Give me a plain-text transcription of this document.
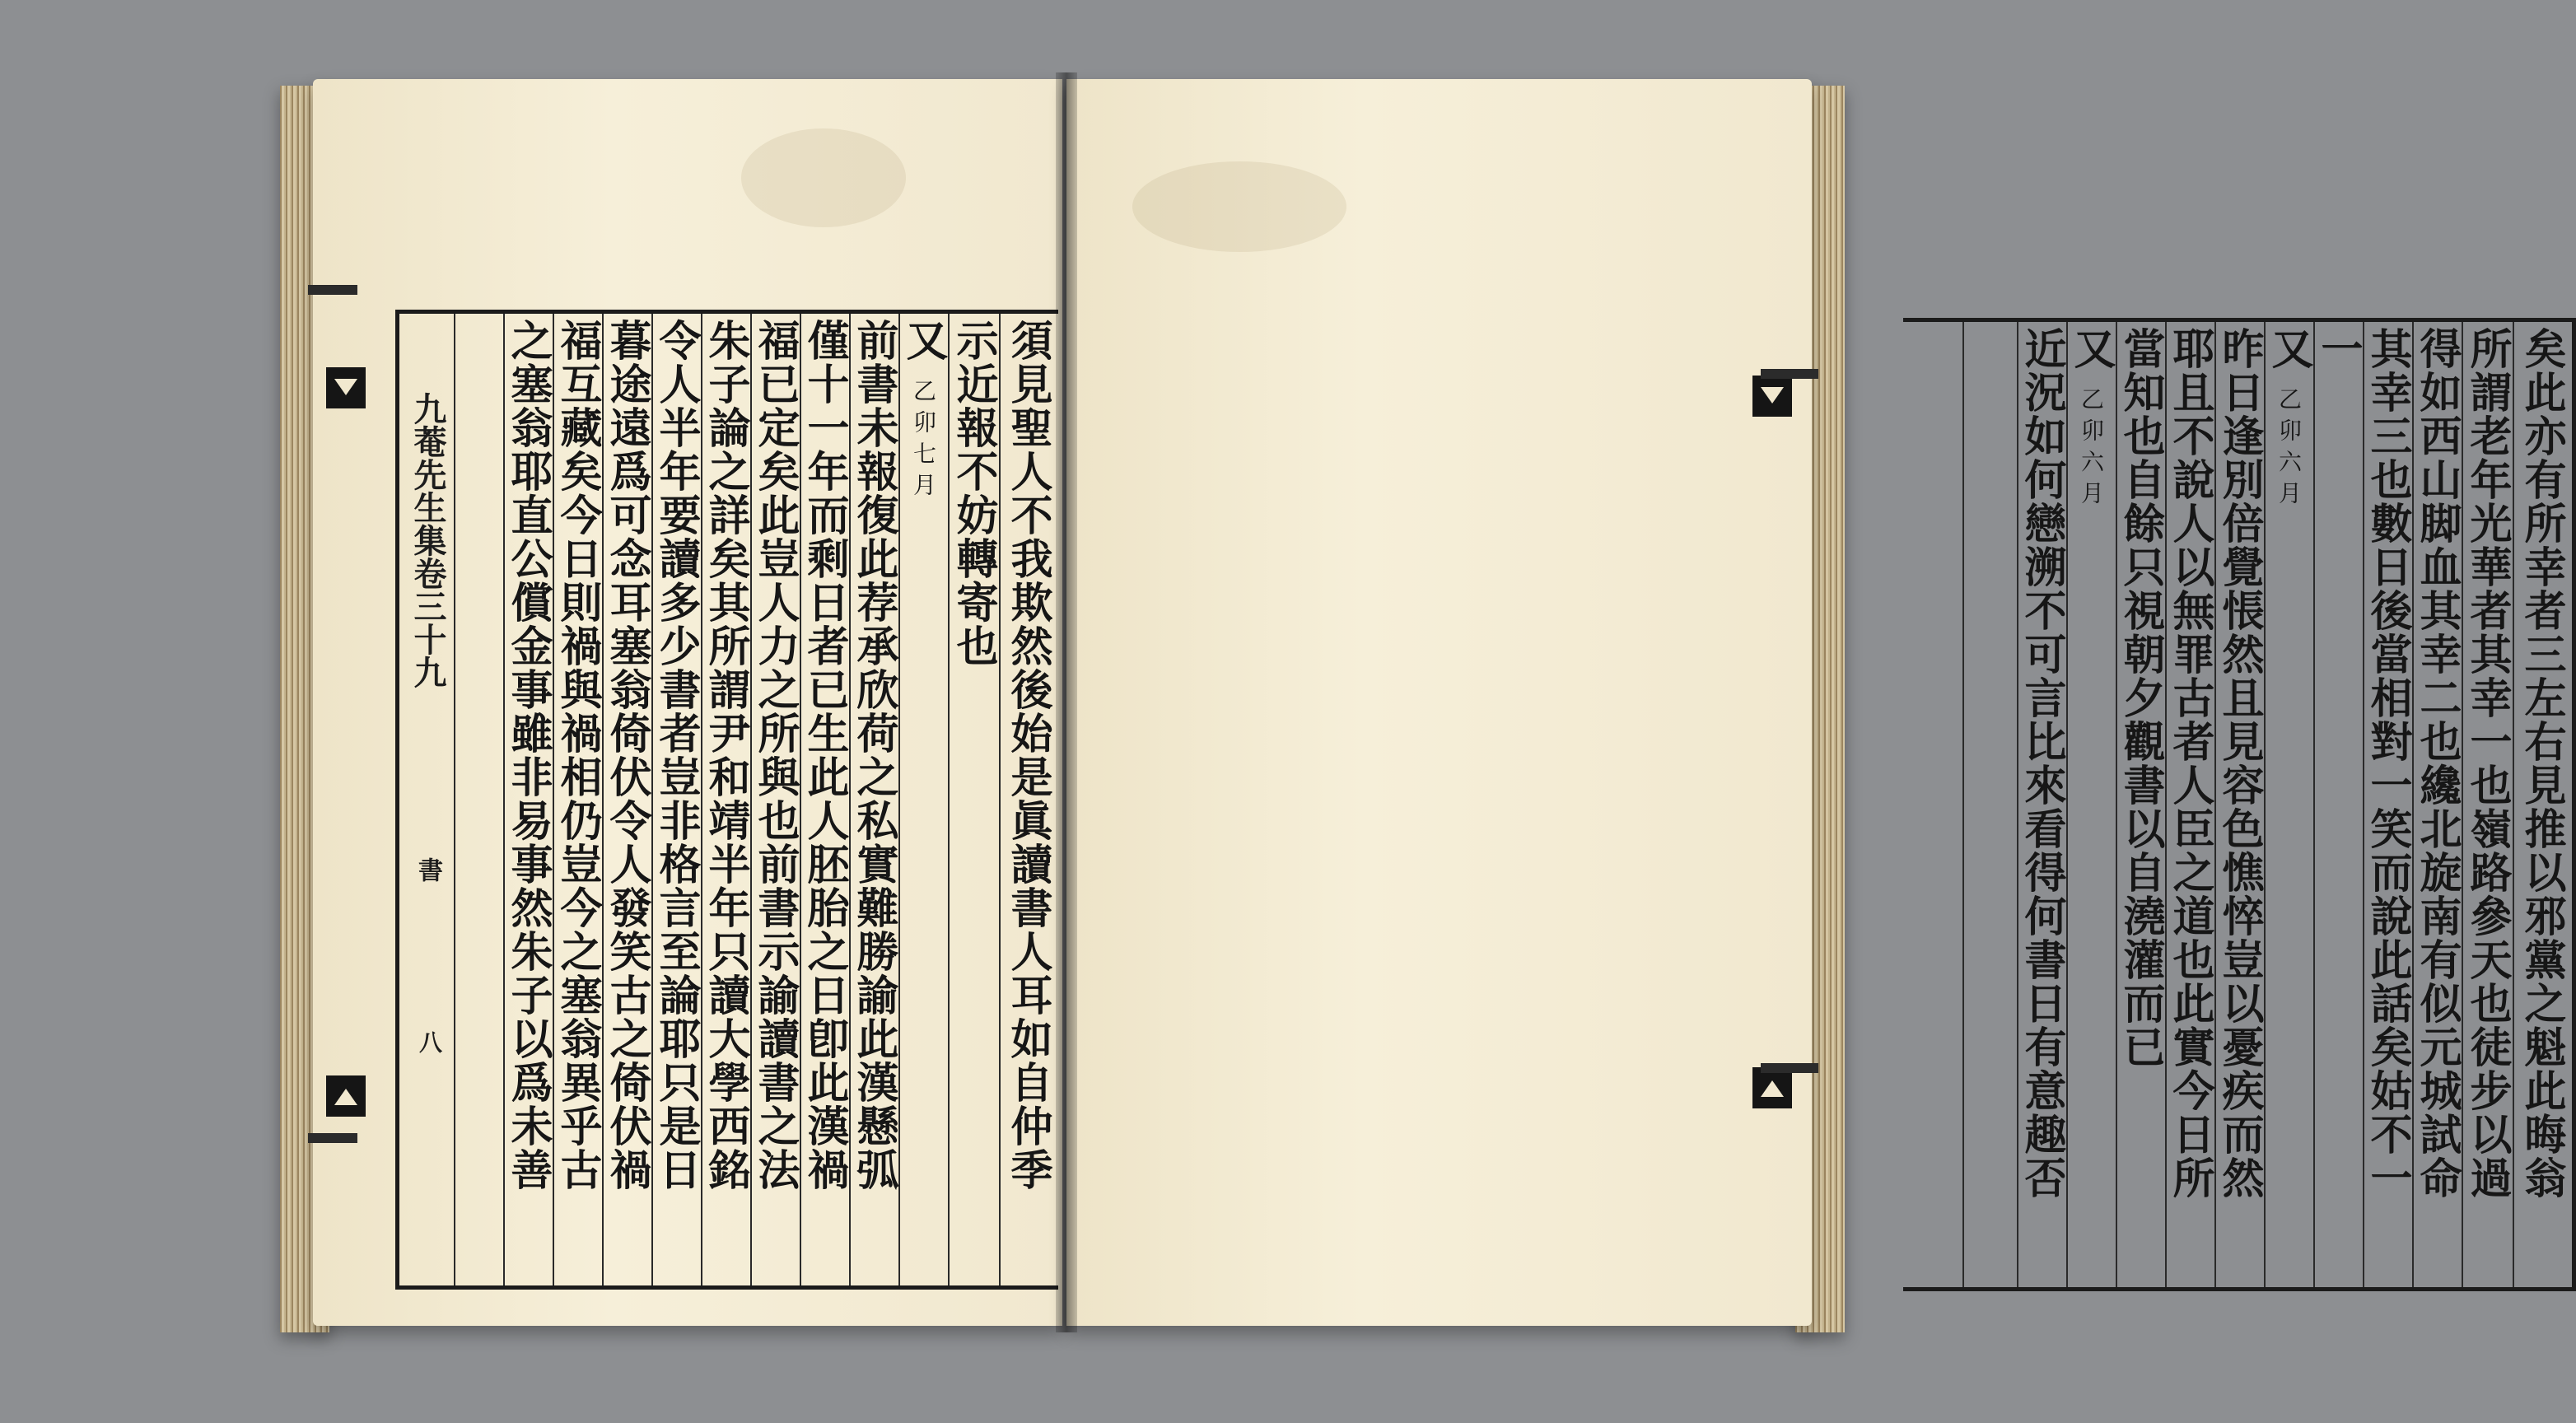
須見聖人不我欺然後始是眞讀書人耳如自仲季
示近報不妨轉寄也
又 乙卯七月
前書未報復此荐承欣荷之私實難勝諭此漢懸弧
僅十一年而剩日者已生此人胚胎之日卽此漢禍
福已定矣此豈人力之所與也前書示諭讀書之法
朱子論之詳矣其所謂尹和靖半年只讀大學西銘
令人半年要讀多少書者豈非格言至論耶只是日
暮途遠爲可念耳塞翁倚伏令人發笑古之倚伏禍
福互藏矣今日則禍與禍相仍豈今之塞翁異乎古
之塞翁耶直公償金事雖非易事然朱子以爲未善
九菴先生集卷三十九
書
八	矣此亦有所幸者三左右見推以邪黨之魁此晦翁
所謂老年光華者其幸一也嶺路參天也徒步以過
得如西山脚血其幸二也纔北旋南有似元城試命
其幸三也數日後當相對一笑而說此話矣姑不一
一
又 乙卯六月
昨日逢別倍覺悵然且見容色憔悴豈以憂疾而然
耶且不說人以無罪古者人臣之道也此實今日所
當知也自餘只視朝夕觀書以自澆灌而已
又 乙卯六月
近況如何戀溯不可言比來看得何書日有意趣否
